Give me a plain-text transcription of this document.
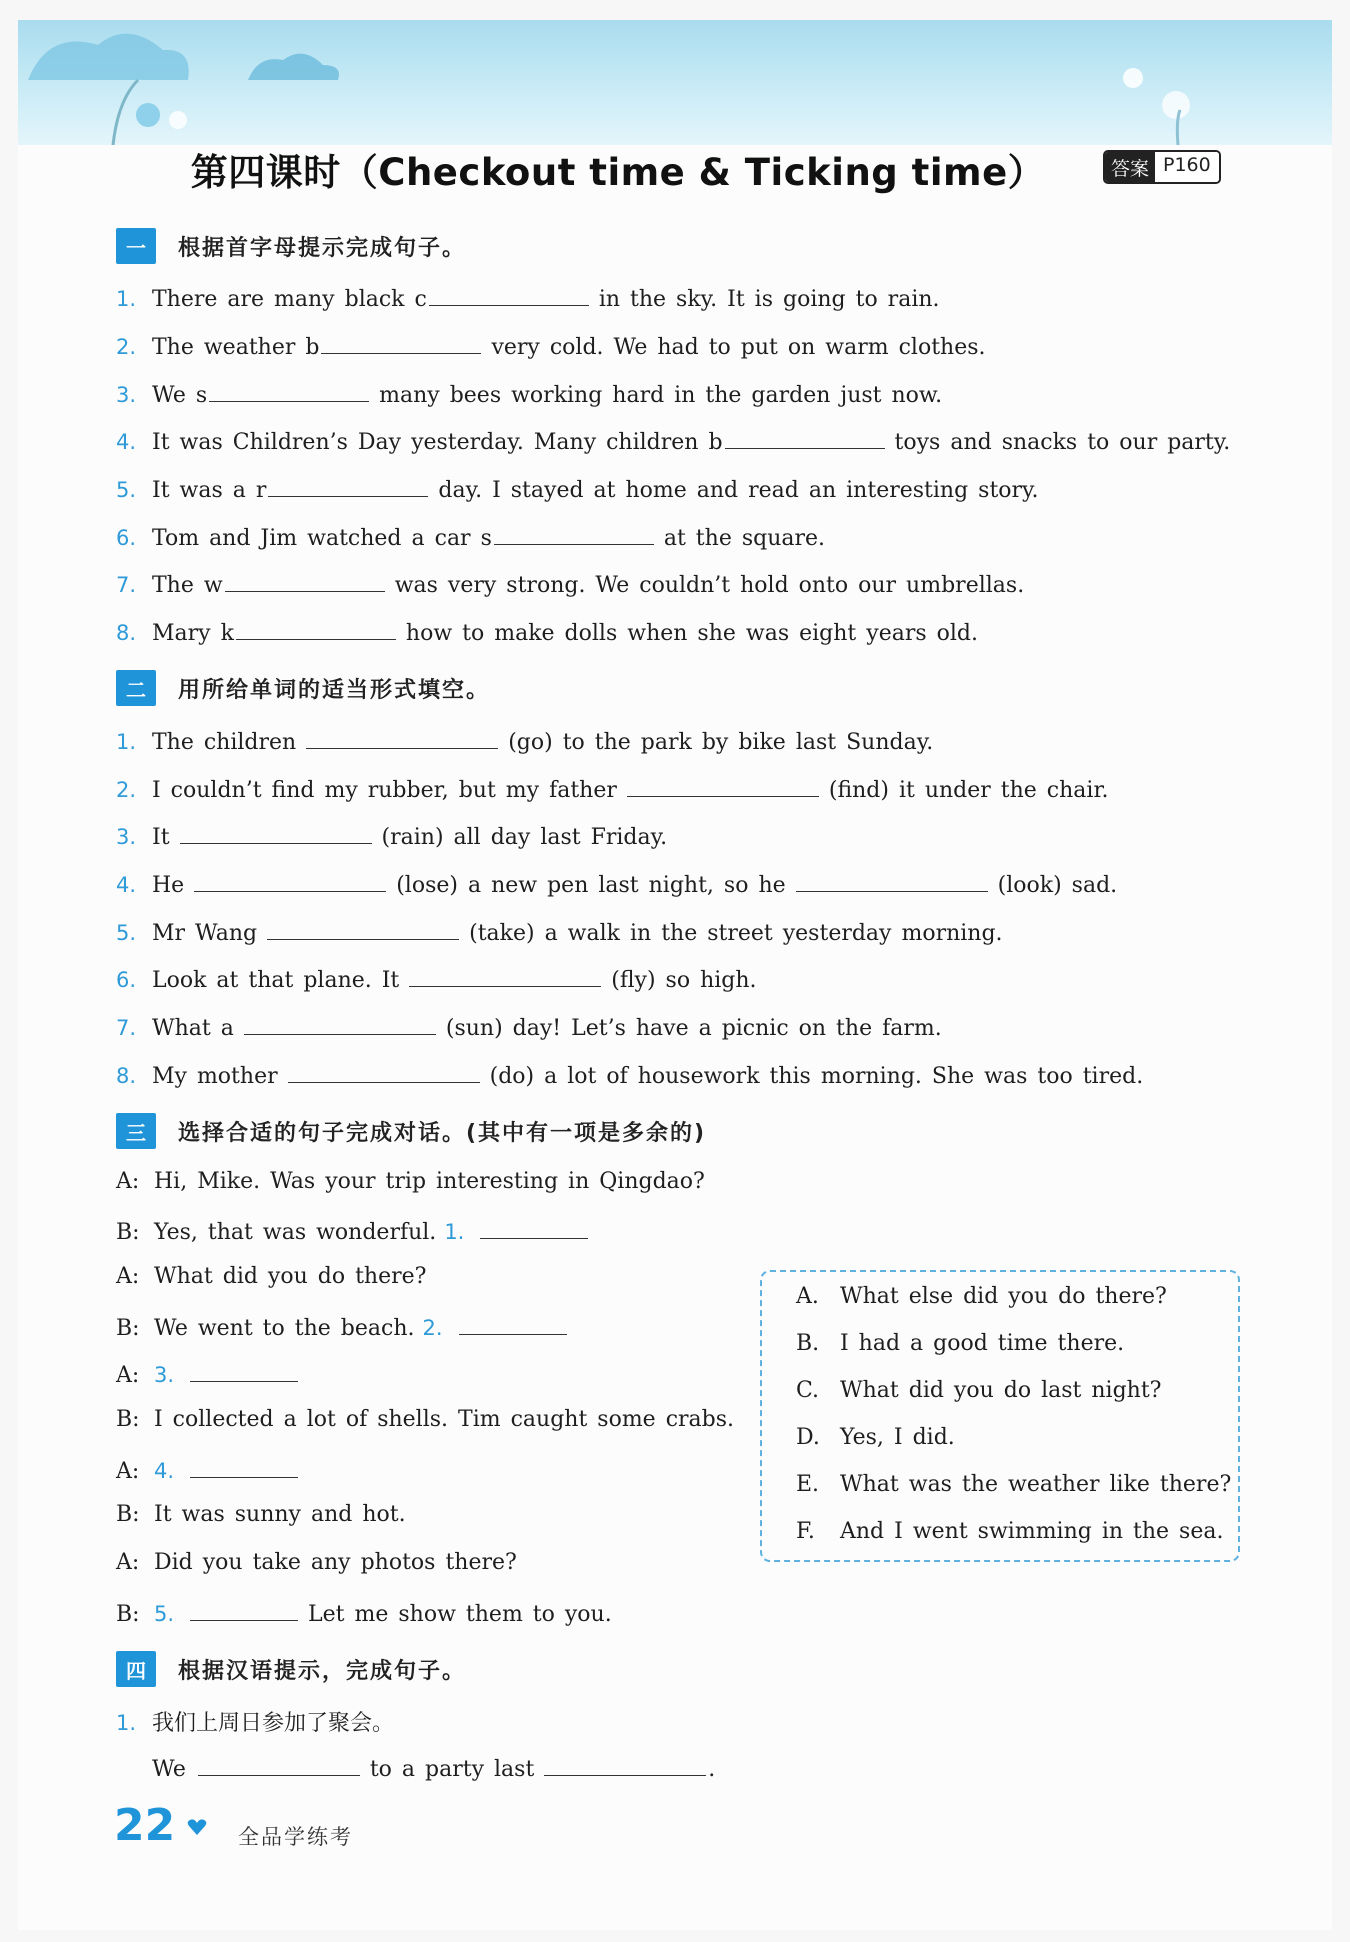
第四课时（Checkout time & Ticking time）	答案 P160
一	根据首字母提示完成句子。
1. There are many black c	in the sky. It is going to rain.
2. The weather b	very cold. We had to put on warm clothes.
3. We s	many bees working hard in the garden just now.
4. It was Children’s Day yesterday. Many children b	toys and snacks to our party.
5. It was a r	day. I stayed at home and read an interesting story.
6. Tom and Jim watched a car s	at the square.
7. The w	was very strong. We couldn’t hold onto our umbrellas.
8. Mary k	how to make dolls when she was eight years old.
二	用所给单词的适当形式填空。
1. The children	(go) to the park by bike last Sunday.
2. I couldn’t find my rubber, but my father	(find) it under the chair.
3. It	(rain) all day last Friday.
4. He	(lose) a new pen last night, so he	(look) sad.
5. Mr Wang	(take) a walk in the street yesterday morning.
6. Look at that plane. It	(fly) so high.
7. What a	(sun) day! Let’s have a picnic on the farm.
8. My mother	(do) a lot of housework this morning. She was too tired.
三	选择合适的句子完成对话。(其中有一项是多余的)
A: Hi, Mike. Was your trip interesting in Qingdao?
B: Yes, that was wonderful. 1.
A: What did you do there?
B: We went to the beach. 2.
A: 3.
B: I collected a lot of shells. Tim caught some crabs.
A: 4.
B: It was sunny and hot.
A: Did you take any photos there?
B: 5.	Let me show them to you.
A. What else did you do there?
B. I had a good time there.
C. What did you do last night?
D. Yes, I did.
E. What was the weather like there?
F. And I went swimming in the sea.
四	根据汉语提示，完成句子。
1. 我们上周日参加了聚会。
We	to a party last	.
22	全品学练考
